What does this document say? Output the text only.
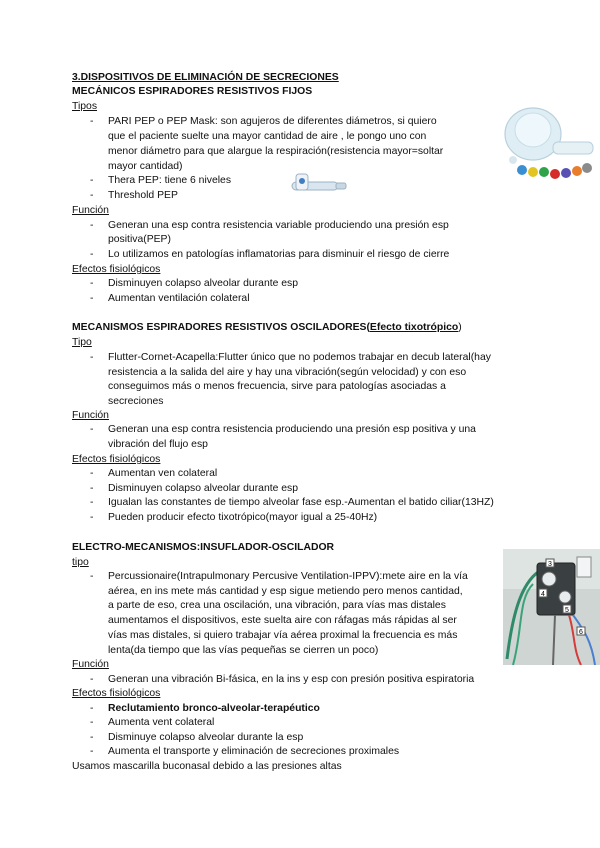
3.DISPOSITIVOS DE ELIMINACIÓN DE SECRECIONES
MECÁNICOS ESPIRADORES RESISTIVOS FIJOS
Tipos
- PARI PEP o PEP Mask: son agujeros de diferentes diámetros, si quiero
que el paciente suelte una mayor cantidad de aire , le pongo uno con
menor diámetro para que alargue la respiración(resistencia mayor=soltar
mayor cantidad)
- Thera PEP: tiene 6 niveles
- Threshold PEP
Función
- Generan una esp contra resistencia variable produciendo una presión esp
positiva(PEP)
- Lo utilizamos en patologías inflamatorias para disminuir el riesgo de cierre
Efectos fisiológicos
- Disminuyen colapso alveolar durante esp
- Aumentan ventilación colateral
MECANISMOS ESPIRADORES RESISTIVOS OSCILADORES(Efecto tixotrópico)
Tipo
- Flutter-Cornet-Acapella:Flutter único que no podemos trabajar en decub lateral(hay
resistencia a la salida del aire y hay una vibración(según velocidad) y con eso
conseguimos más o menos frecuencia, sirve para patologías asociadas a
secreciones
Función
- Generan una esp contra resistencia produciendo una presión esp positiva y una
vibración del flujo esp
Efectos fisiológicos
- Aumentan ven colateral
- Disminuyen colapso alveolar durante esp
- Igualan las constantes de tiempo alveolar fase esp.-Aumentan el batido ciliar(13HZ)
- Pueden producir efecto tixotrópico(mayor igual a 25-40Hz)
ELECTRO-MECANISMOS:INSUFLADOR-OSCILADOR
tipo
- Percussionaire(Intrapulmonary Percusive Ventilation-IPPV):mete aire en la vía
aérea, en ins mete más cantidad y esp sigue metiendo pero menos cantidad,
a parte de eso, crea una oscilación, una vibración, para vías mas distales
aumentamos el dispositivos, este suelta aire con ráfagas más rápidas al ser
vías mas distales, si quiero trabajar vía aérea proximal la frecuencia es más
lenta(da tiempo que las vías pequeñas se cierren un poco)
Función
- Generan una vibración Bi-fásica, en la ins y esp con presión positiva espiratoria
Efectos fisiológicos
- Reclutamiento bronco-alveolar-terapéutico
- Aumenta vent colateral
- Disminuye colapso alveolar durante la esp
- Aumenta el transporte y eliminación de secreciones proximales
Usamos mascarilla buconasal debido a las presiones altas
3
4
5
6
